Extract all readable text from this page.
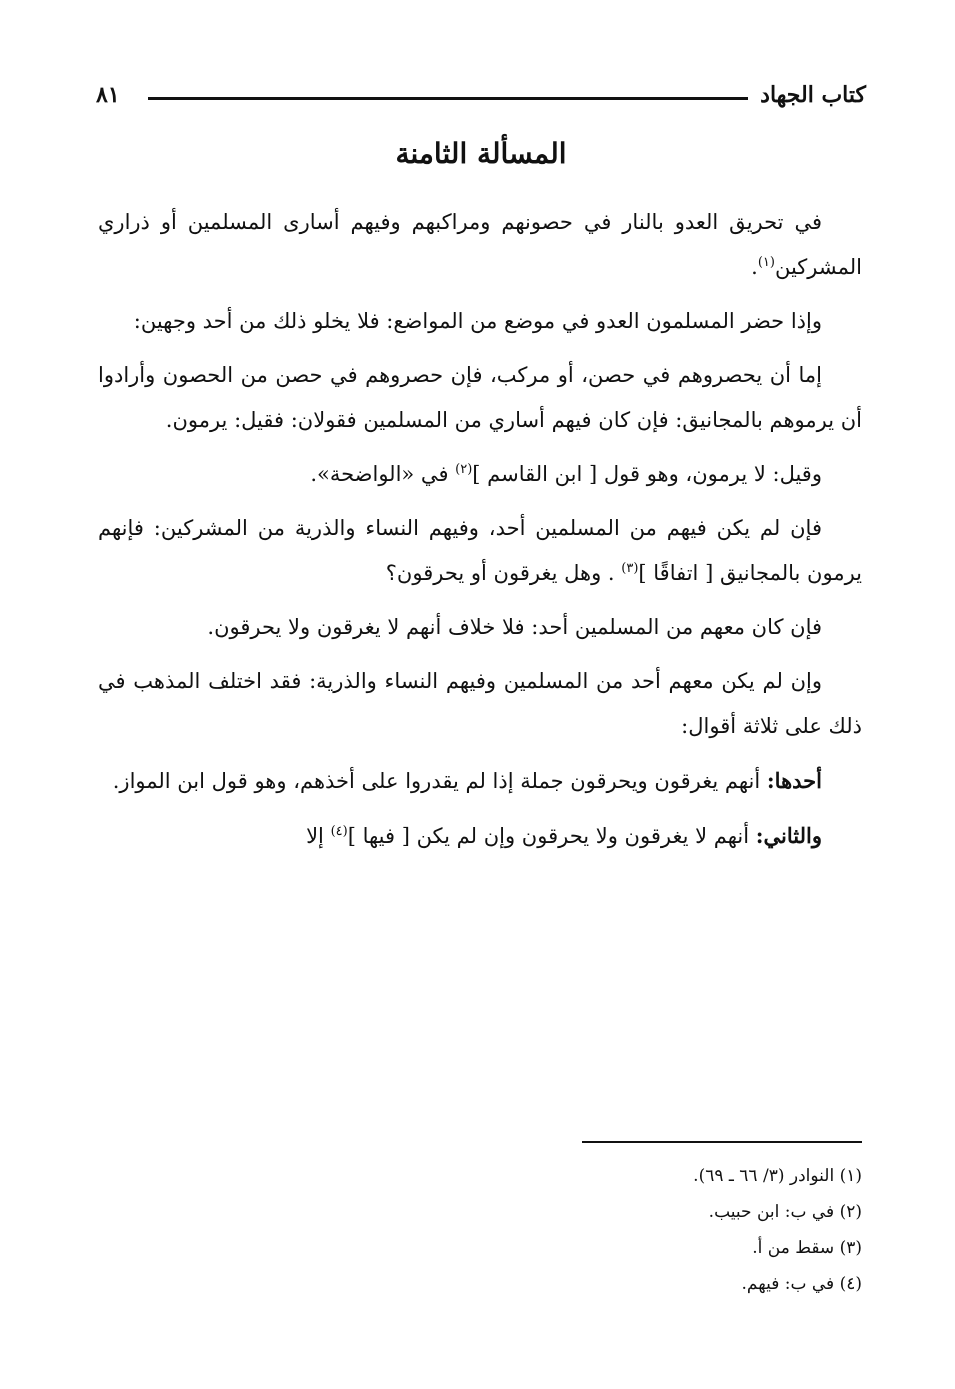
كتاب الجهاد
٨١
المسألة الثامنة

في تحريق العدو بالنار في حصونهم ومراكبهم وفيهم أسارى المسلمين أو ذراري المشركين$^{(١)}$.

وإذا حضر المسلمون العدو في موضع من المواضع: فلا يخلو ذلك من أحد وجهين:

إما أن يحصروهم في حصن، أو مركب، فإن حصروهم في حصن من الحصون وأرادوا أن يرموهم بالمجانيق: فإن كان فيهم أساري من المسلمين فقولان: فقيل: يرمون.

وقيل: لا يرمون، وهو قول [ ابن القاسم ]$^{(٢)}$ في «الواضحة».

فإن لم يكن فيهم من المسلمين أحد، وفيهم النساء والذرية من المشركين: فإنهم يرمون بالمجانيق [ اتفاقًا ]$^{(٣)}$ . وهل يغرقون أو يحرقون؟

فإن كان معهم من المسلمين أحد: فلا خلاف أنهم لا يغرقون ولا يحرقون.

وإن لم يكن معهم أحد من المسلمين وفيهم النساء والذرية: فقد اختلف المذهب في ذلك على ثلاثة أقوال:

أحدها: أنهم يغرقون ويحرقون جملة إذا لم يقدروا على أخذهم، وهو قول ابن المواز.

والثاني: أنهم لا يغرقون ولا يحرقون وإن لم يكن [ فيها ]$^{(٤)}$ إلا

(١) النوادر (٣/ ٦٦ ـ ٦٩).

(٢) في ب: ابن حبيب.

(٣) سقط من أ.

(٤) في ب: فيهم.
